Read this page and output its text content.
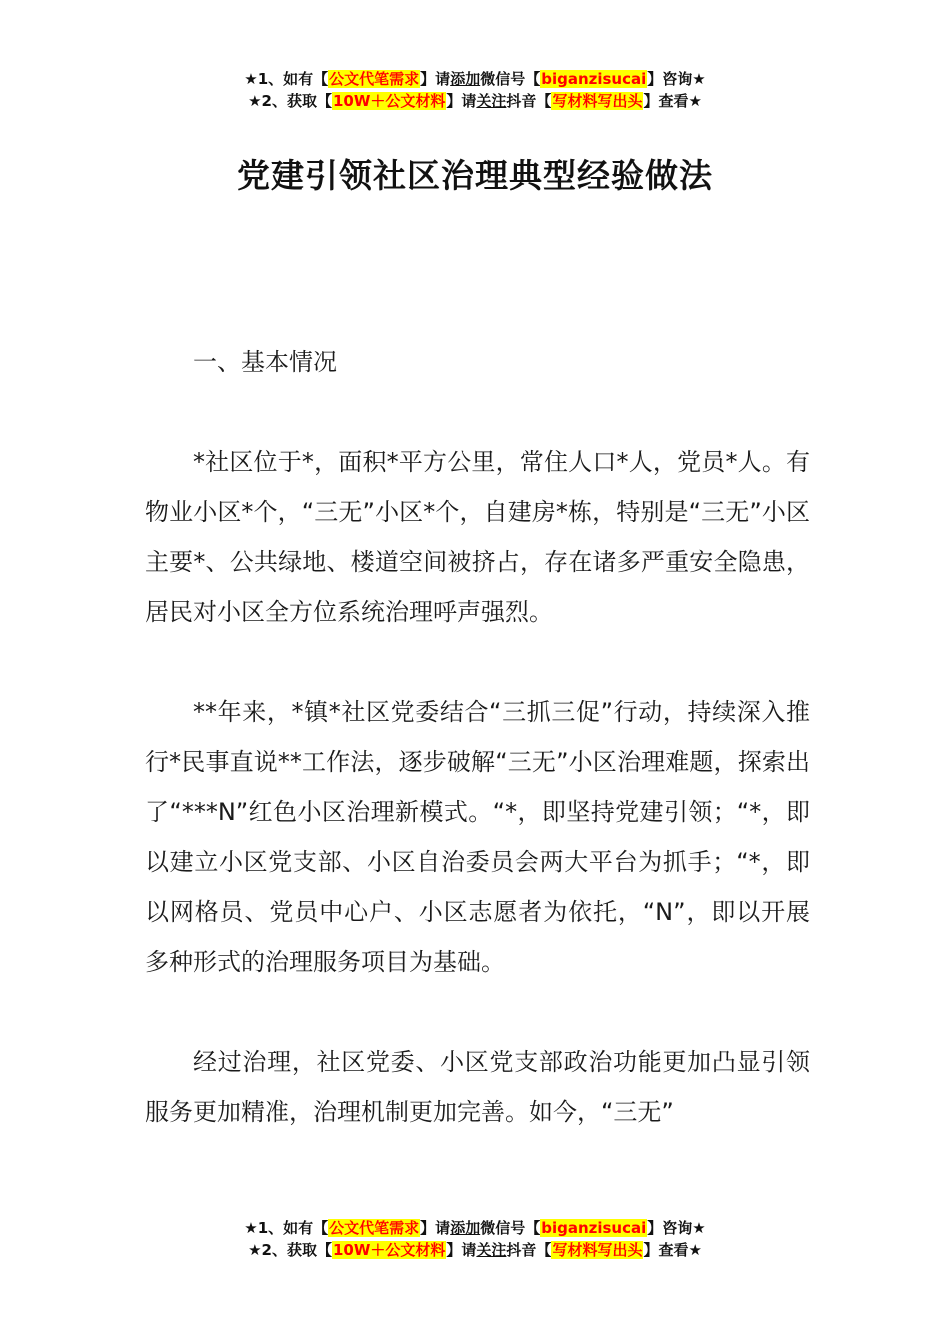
★1、如有【公文代笔需求】请添加微信号【biganzisucai】咨询★
★2、获取【10W＋公文材料】请关注抖音【写材料写出头】查看★
党建引领社区治理典型经验做法

一、基本情况

*社区位于*，面积*平方公里，常住人口*人，党员*人。有物业小区*个，“三无”小区*个，自建房*栋，特别是“三无”小区主要*、公共绿地、楼道空间被挤占，存在诸多严重安全隐患，居民对小区全方位系统治理呼声强烈。

**年来，*镇*社区党委结合“三抓三促”行动，持续深入推行*民事直说**工作法，逐步破解“三无”小区治理难题，探索出了“***N”红色小区治理新模式。“*，即坚持党建引领；“*，即以建立小区党支部、小区自治委员会两大平台为抓手；“*，即以网格员、党员中心户、小区志愿者为依托，“N”，即以开展多种形式的治理服务项目为基础。

经过治理，社区党委、小区党支部政治功能更加凸显引领服务更加精准，治理机制更加完善。如今，“三无”

★1、如有【公文代笔需求】请添加微信号【biganzisucai】咨询★
★2、获取【10W＋公文材料】请关注抖音【写材料写出头】查看★
